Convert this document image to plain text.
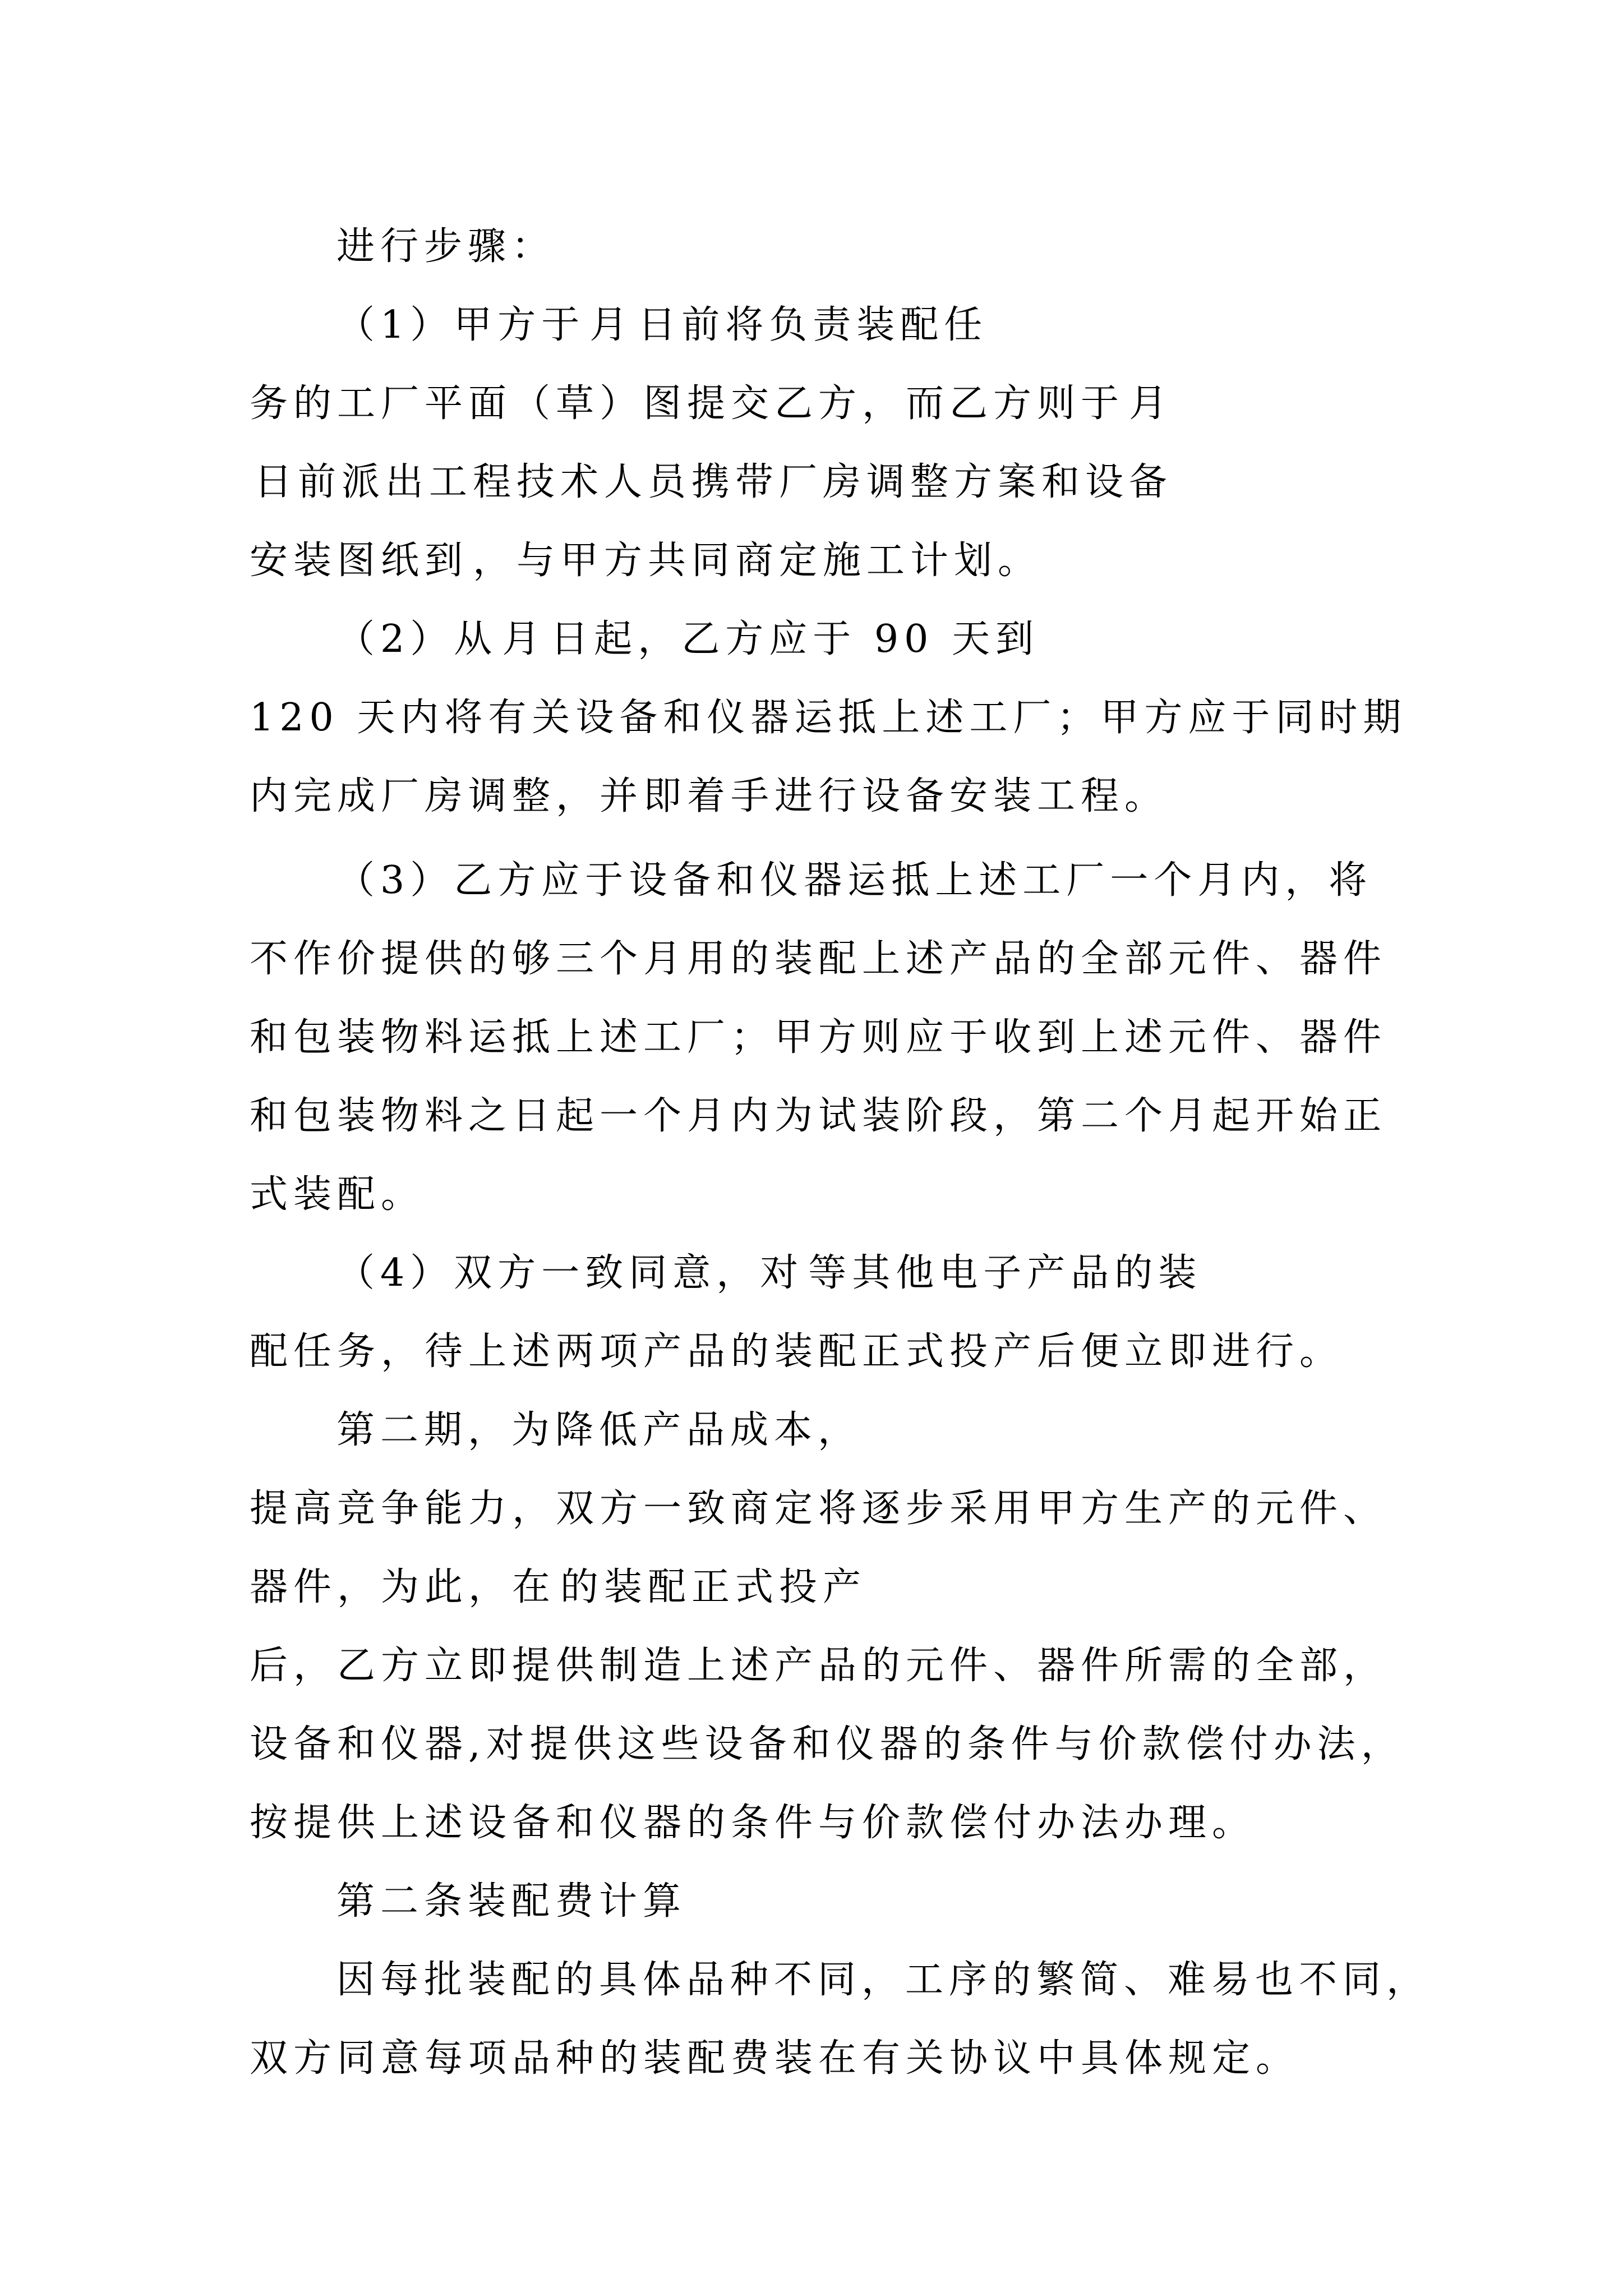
进行步骤：
（1）甲方于 月 日前将负责装配任
务的工厂平面（草）图提交乙方，而乙方则于 月
日前派出工程技术人员携带厂房调整方案和设备
安装图纸到 ，与甲方共同商定施工计划。
（2）从 月 日起，乙方应于 90 天到
120 天内将有关设备和仪器运抵上述工厂；甲方应于同时期
内完成厂房调整，并即着手进行设备安装工程。
（3）乙方应于设备和仪器运抵上述工厂一个月内，将
不作价提供的够三个月用的装配上述产品的全部元件、器件
和包装物料运抵上述工厂；甲方则应于收到上述元件、器件
和包装物料之日起一个月内为试装阶段，第二个月起开始正
式装配。
（4）双方一致同意，对 等其他电子产品的装
配任务，待上述两项产品的装配正式投产后便立即进行。
第二期，为降低产品成本，
提高竞争能力，双方一致商定将逐步采用甲方生产的元件、
器件，为此，在 的装配正式投产
后，乙方立即提供制造上述产品的元件、器件所需的全部，
设备和仪器,对提供这些设备和仪器的条件与价款偿付办法，
按提供上述设备和仪器的条件与价款偿付办法办理。
第二条装配费计算
因每批装配的具体品种不同，工序的繁简、难易也不同，
双方同意每项品种的装配费装在有关协议中具体规定。
